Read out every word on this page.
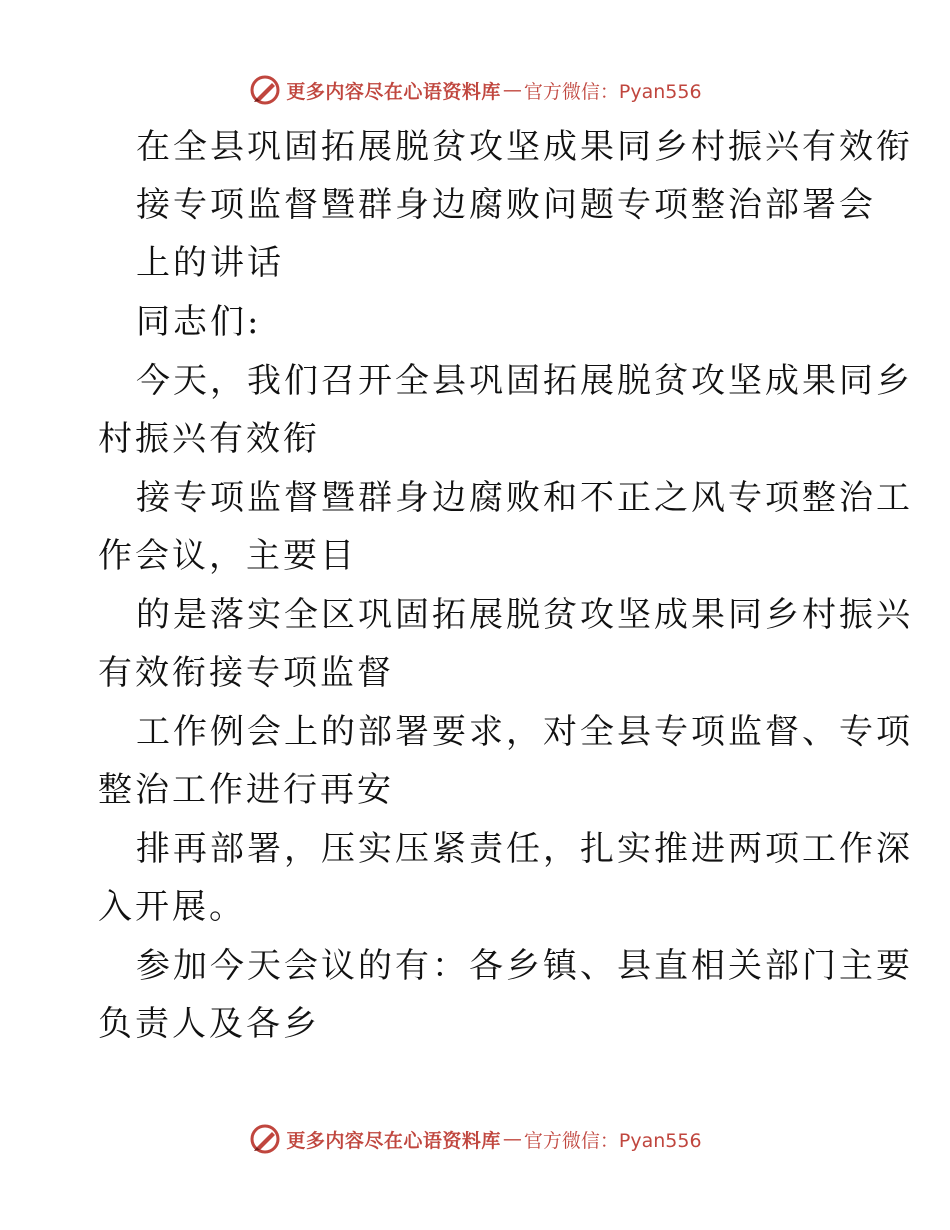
更多内容尽在心语资料库 — 官方微信：Pyan556
在全县巩固拓展脱贫攻坚成果同乡村振兴有效衔
接专项监督暨群身边腐败问题专项整治部署会
上的讲话
同志们:
今天，我们召开全县巩固拓展脱贫攻坚成果同乡
村振兴有效衔
接专项监督暨群身边腐败和不正之风专项整治工
作会议，主要目
的是落实全区巩固拓展脱贫攻坚成果同乡村振兴
有效衔接专项监督
工作例会上的部署要求，对全县专项监督、专项
整治工作进行再安
排再部署，压实压紧责任，扎实推进两项工作深
入开展。
参加今天会议的有：各乡镇、县直相关部门主要
负责人及各乡
更多内容尽在心语资料库 — 官方微信：Pyan556
